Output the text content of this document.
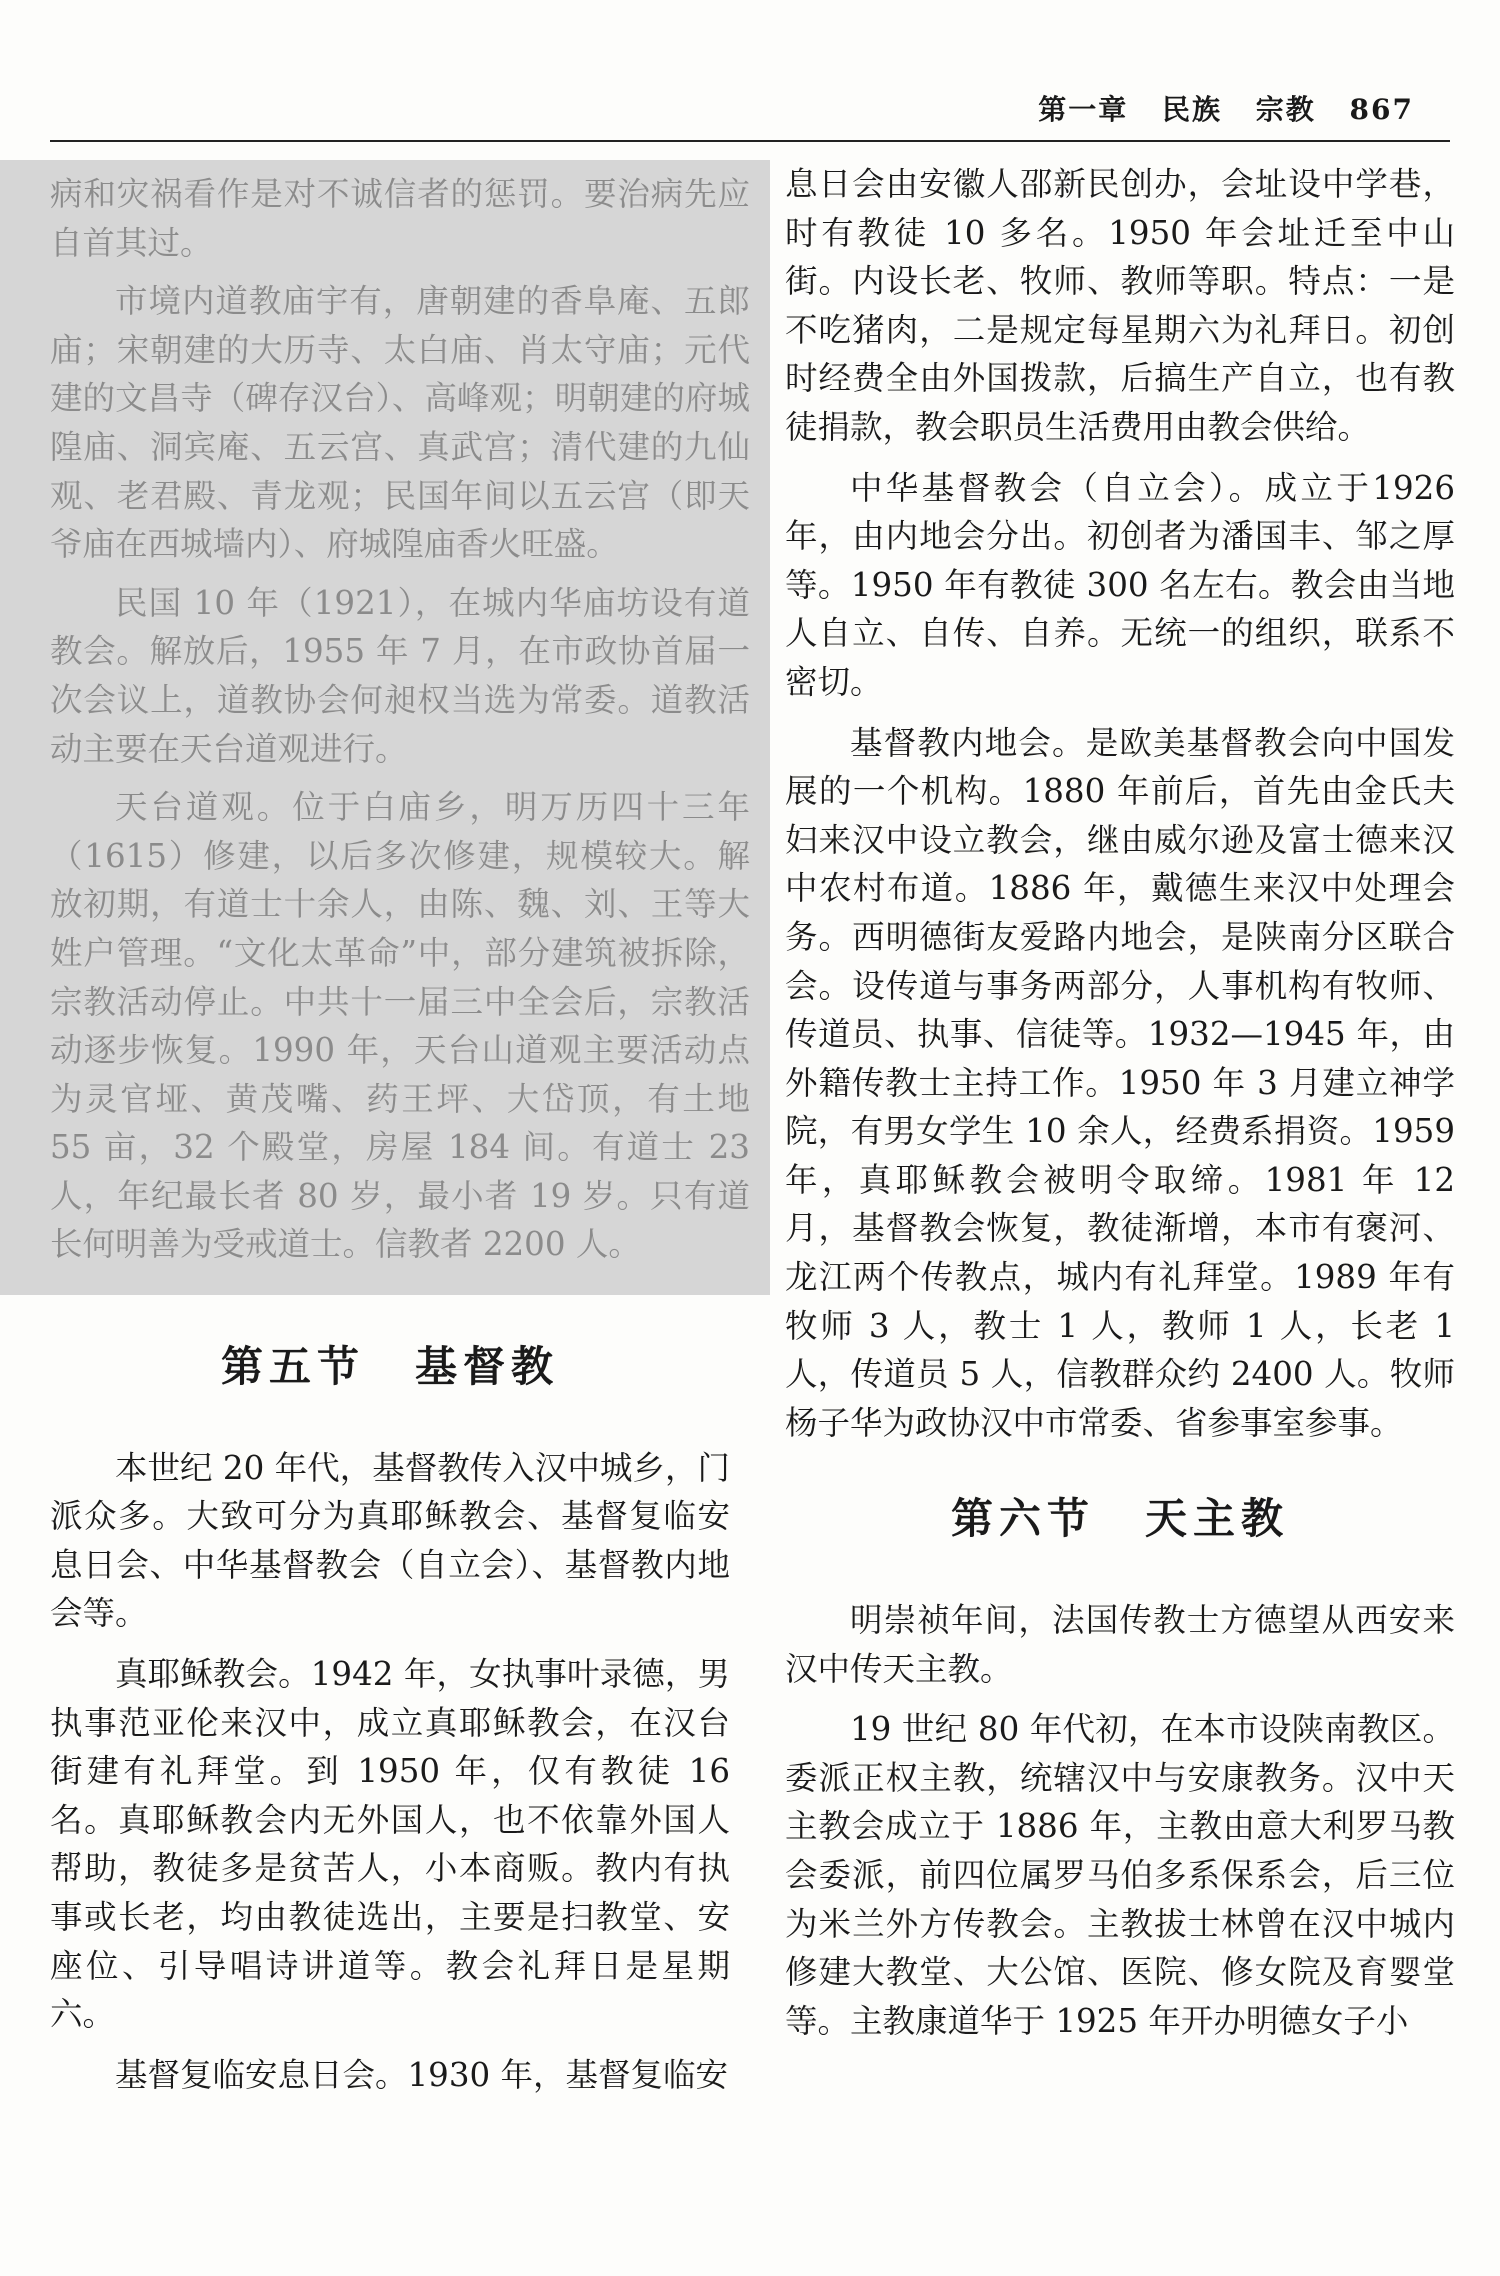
第一章 民族 宗教 867

病和灾祸看作是对不诚信者的惩罚。要治病先应自首其过。

市境内道教庙宇有，唐朝建的香阜庵、五郎庙；宋朝建的大历寺、太白庙、肖太守庙；元代建的文昌寺（碑存汉台）、高峰观；明朝建的府城隍庙、洞宾庵、五云宫、真武宫；清代建的九仙观、老君殿、青龙观；民国年间以五云宫（即天爷庙在西城墙内）、府城隍庙香火旺盛。

民国 10 年（1921），在城内华庙坊设有道教会。解放后，1955 年 7 月，在市政协首届一次会议上，道教协会何昶权当选为常委。道教活动主要在天台道观进行。

天台道观。位于白庙乡，明万历四十三年（1615）修建，以后多次修建，规模较大。解放初期，有道士十余人，由陈、魏、刘、王等大姓户管理。“文化太革命”中，部分建筑被拆除，宗教活动停止。中共十一届三中全会后，宗教活动逐步恢复。1990 年，天台山道观主要活动点为灵官垭、黄茂嘴、药王坪、大岱顶，有土地 55 亩，32 个殿堂，房屋 184 间。有道士 23 人，年纪最长者 80 岁，最小者 19 岁。只有道长何明善为受戒道士。信教者 2200 人。

第五节 基督教

本世纪 20 年代，基督教传入汉中城乡，门派众多。大致可分为真耶稣教会、基督复临安息日会、中华基督教会（自立会）、基督教内地会等。

真耶稣教会。1942 年，女执事叶录德，男执事范亚伦来汉中，成立真耶稣教会，在汉台街建有礼拜堂。到 1950 年，仅有教徒 16 名。真耶稣教会内无外国人，也不依靠外国人帮助，教徒多是贫苦人，小本商贩。教内有执事或长老，均由教徒选出，主要是扫教堂、安座位、引导唱诗讲道等。教会礼拜日是星期六。

基督复临安息日会。1930 年，基督复临安

息日会由安徽人邵新民创办，会址设中学巷，时有教徒 10 多名。1950 年会址迁至中山街。内设长老、牧师、教师等职。特点：一是不吃猪肉，二是规定每星期六为礼拜日。初创时经费全由外国拨款，后搞生产自立，也有教徒捐款，教会职员生活费用由教会供给。

中华基督教会（自立会）。成立于1926 年，由内地会分出。初创者为潘国丰、邹之厚等。1950 年有教徒 300 名左右。教会由当地人自立、自传、自养。无统一的组织，联系不密切。

基督教内地会。是欧美基督教会向中国发展的一个机构。1880 年前后，首先由金氏夫妇来汉中设立教会，继由威尔逊及富士德来汉中农村布道。1886 年，戴德生来汉中处理会务。西明德街友爱路内地会，是陕南分区联合会。设传道与事务两部分，人事机构有牧师、传道员、执事、信徒等。1932—1945 年，由外籍传教士主持工作。1950 年 3 月建立神学院，有男女学生 10 余人，经费系捐资。1959 年，真耶稣教会被明令取缔。1981 年 12 月，基督教会恢复，教徒渐增，本市有褒河、龙江两个传教点，城内有礼拜堂。1989 年有牧师 3 人，教士 1 人，教师 1 人，长老 1 人，传道员 5 人，信教群众约 2400 人。牧师杨子华为政协汉中市常委、省参事室参事。

第六节 天主教

明崇祯年间，法国传教士方德望从西安来汉中传天主教。

19 世纪 80 年代初，在本市设陕南教区。委派正权主教，统辖汉中与安康教务。汉中天主教会成立于 1886 年，主教由意大利罗马教会委派，前四位属罗马伯多系保系会，后三位为米兰外方传教会。主教拔士林曾在汉中城内修建大教堂、大公馆、医院、修女院及育婴堂等。主教康道华于 1925 年开办明德女子小
